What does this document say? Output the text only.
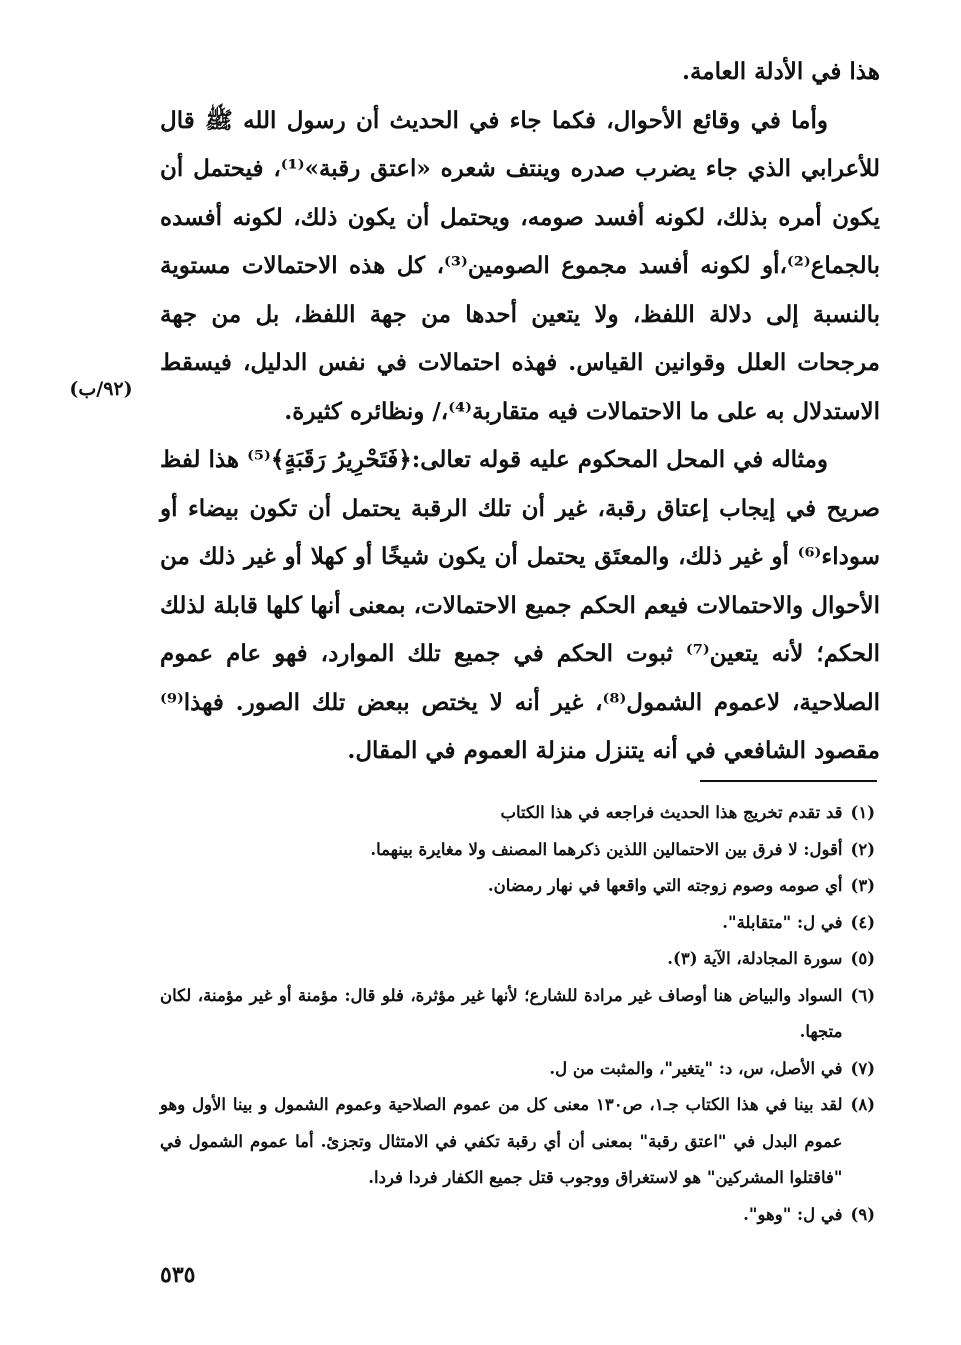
هذا في الأدلة العامة.

وأما في وقائع الأحوال، فكما جاء في الحديث أن رسول الله ﷺ قال للأعرابي الذي جاء يضرب صدره وينتف شعره «اعتق رقبة»⁽¹⁾، فيحتمل أن يكون أمره بذلك، لكونه أفسد صومه، ويحتمل أن يكون ذلك، لكونه أفسده بالجماع⁽²⁾،أو لكونه أفسد مجموع الصومين⁽³⁾، كل هذه الاحتمالات مستوية بالنسبة إلى دلالة اللفظ، ولا يتعين أحدها من جهة اللفظ، بل من جهة مرجحات العلل وقوانين القياس. فهذه احتمالات في نفس الدليل، فيسقط الاستدلال به على ما الاحتمالات فيه متقاربة⁽⁴⁾،/ ونظائره كثيرة.

ومثاله في المحل المحكوم عليه قوله تعالى:﴿فَتَحْرِيرُ رَقَبَةٍ﴾⁽⁵⁾ هذا لفظ صريح في إيجاب إعتاق رقبة، غير أن تلك الرقبة يحتمل أن تكون بيضاء أو سوداء⁽⁶⁾ أو غير ذلك، والمعتَق يحتمل أن يكون شيخًا أو كهلا أو غير ذلك من الأحوال والاحتمالات فيعم الحكم جميع الاحتمالات، بمعنى أنها كلها قابلة لذلك الحكم؛ لأنه يتعين⁽⁷⁾ ثبوت الحكم في جميع تلك الموارد، فهو عام عموم الصلاحية، لاعموم الشمول⁽⁸⁾، غير أنه لا يختص ببعض تلك الصور. فهذا⁽⁹⁾ مقصود الشافعي في أنه يتنزل منزلة العموم في المقال.

(٩٢/ب)
(١)
قد تقدم تخريج هذا الحديث فراجعه في هذا الكتاب
(٢)
أقول: لا فرق بين الاحتمالين اللذين ذكرهما المصنف ولا مغايرة بينهما.
(٣)
أي صومه وصوم زوجته التي واقعها في نهار رمضان.
(٤)
في ل: "متقابلة".
(٥)
سورة المجادلة، الآية (٣).
(٦)
السواد والبياض هنا أوصاف غير مرادة للشارع؛ لأنها غير مؤثرة، فلو قال: مؤمنة أو غير مؤمنة، لكان متجها.
(٧)
في الأصل، س، د: "يتغير"، والمثبت من ل.
(٨)
لقد بينا في هذا الكتاب جـ١، ص١٣٠ معنى كل من عموم الصلاحية وعموم الشمول و بينا الأول وهو عموم البدل في "اعتق رقبة" بمعنى أن أي رقبة تكفي في الامتثال وتجزئ. أما عموم الشمول في "فاقتلوا المشركين" هو لاستغراق ووجوب قتل جميع الكفار فردا فردا.
(٩)
في ل: "وهو".
٥٣٥
